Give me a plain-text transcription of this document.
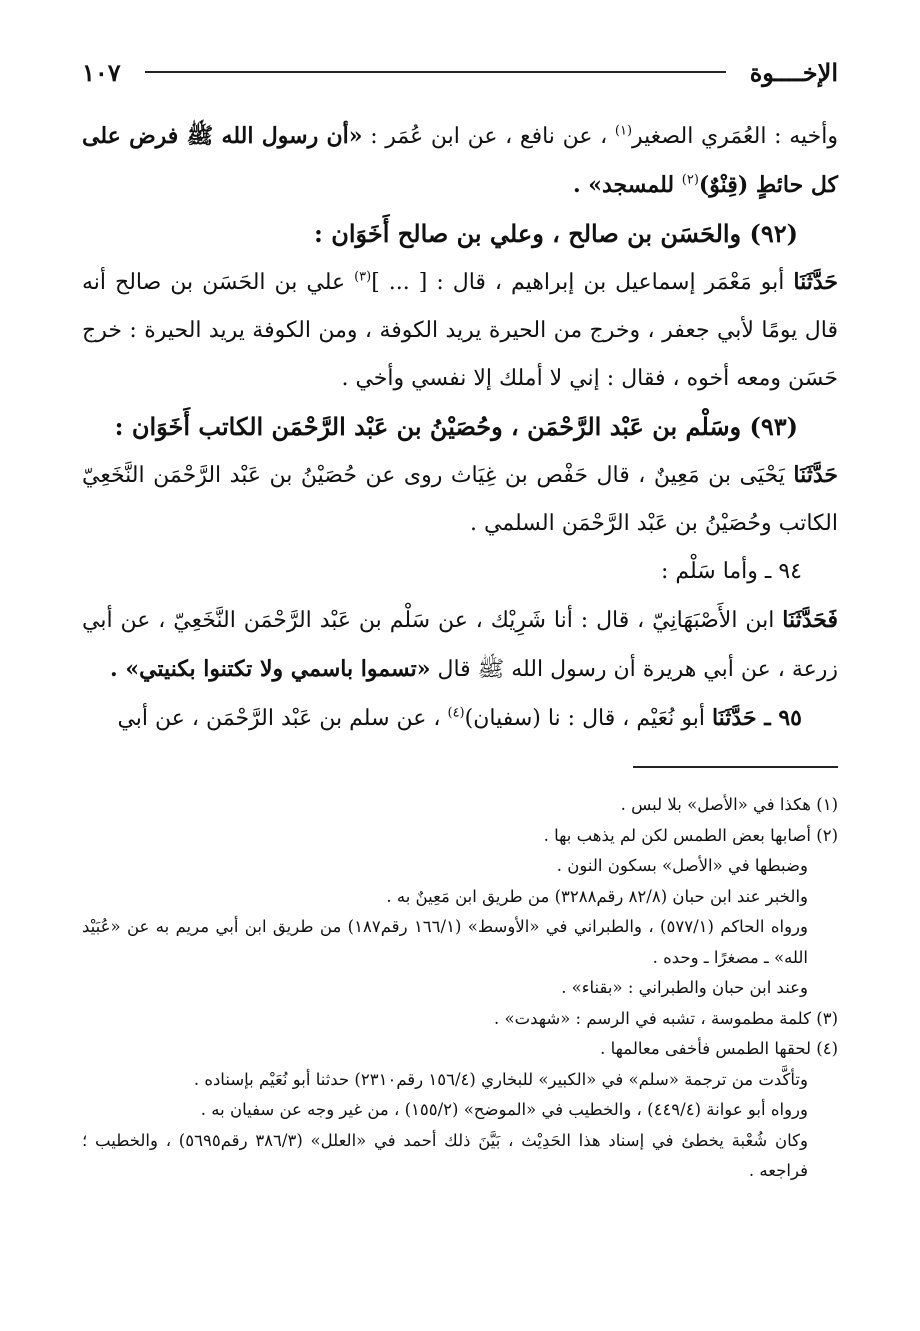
الإخــــوة
١٠٧

وأخيه : العُمَري الصغير$^{(١)}$ ، عن نافع ، عن ابن عُمَر : «أن رسول الله ﷺ فرض على كل حائطٍ (قِنْوٌ)$^{(٢)}$ للمسجد» .

(٩٢) والحَسَن بن صالح ، وعلي بن صالح أَخَوَان :

حَدَّثَنَا أبو مَعْمَر إسماعيل بن إبراهيم ، قال : [ ... ]$^{(٣)}$ علي بن الحَسَن بن صالح أنه قال يومًا لأبي جعفر ، وخرج من الحيرة يريد الكوفة ، ومن الكوفة يريد الحيرة : خرج حَسَن ومعه أخوه ، فقال : إني لا أملك إلا نفسي وأخي .

(٩٣) وسَلْم بن عَبْد الرَّحْمَن ، وحُصَيْنُ بن عَبْد الرَّحْمَن الكاتب أَخَوَان :

حَدَّثَنَا يَحْيَى بن مَعِينٌ ، قال حَفْص بن غِيَاث روى عن حُصَيْنُ بن عَبْد الرَّحْمَن النَّخَعِيّ الكاتب وحُصَيْنُ بن عَبْد الرَّحْمَن السلمي .

٩٤ ـ وأما سَلْم :

فَحَدَّثَنَا ابن الأَصْبَهَانِيّ ، قال : أنا شَرِيْك ، عن سَلْم بن عَبْد الرَّحْمَن النَّخَعِيّ ، عن أبي زرعة ، عن أبي هريرة أن رسول الله ﷺ قال «تسموا باسمي ولا تكتنوا بكنيتي» .

٩٥ ـ حَدَّثَنَا أبو نُعَيْم ، قال : نا (سفيان)$^{(٤)}$ ، عن سلم بن عَبْد الرَّحْمَن ، عن أبي

(١) هكذا في «الأصل» بلا لبس .

(٢) أصابها بعض الطمس لكن لم يذهب بها .

وضبطها في «الأصل» بسكون النون .

والخبر عند ابن حبان (٨٢/٨ رقم٣٢٨٨) من طريق ابن مَعِينٌ به .

ورواه الحاكم (٥٧٧/١) ، والطبراني في «الأوسط» (١٦٦/١ رقم١٨٧) من طريق ابن أبي مريم به عن «عُبَيْد الله» ـ مصغرًا ـ وحده .

وعند ابن حبان والطبراني : «بقناء» .

(٣) كلمة مطموسة ، تشبه في الرسم : «شهدت» .

(٤) لحقها الطمس فأخفى معالمها .

وتأكَّدت من ترجمة «سلم» في «الكبير» للبخاري (١٥٦/٤ رقم٢٣١٠) حدثنا أبو نُعَيْم بإسناده .

ورواه أبو عوانة (٤٤٩/٤) ، والخطيب في «الموضح» (١٥٥/٢) ، من غير وجه عن سفيان به .

وكان شُعْبة يخطئ في إسناد هذا الحَدِيْث ، بَيَّنَ ذلك أحمد في «العلل» (٣٨٦/٣ رقم٥٦٩٥) ، والخطيب ؛ فراجعه .
